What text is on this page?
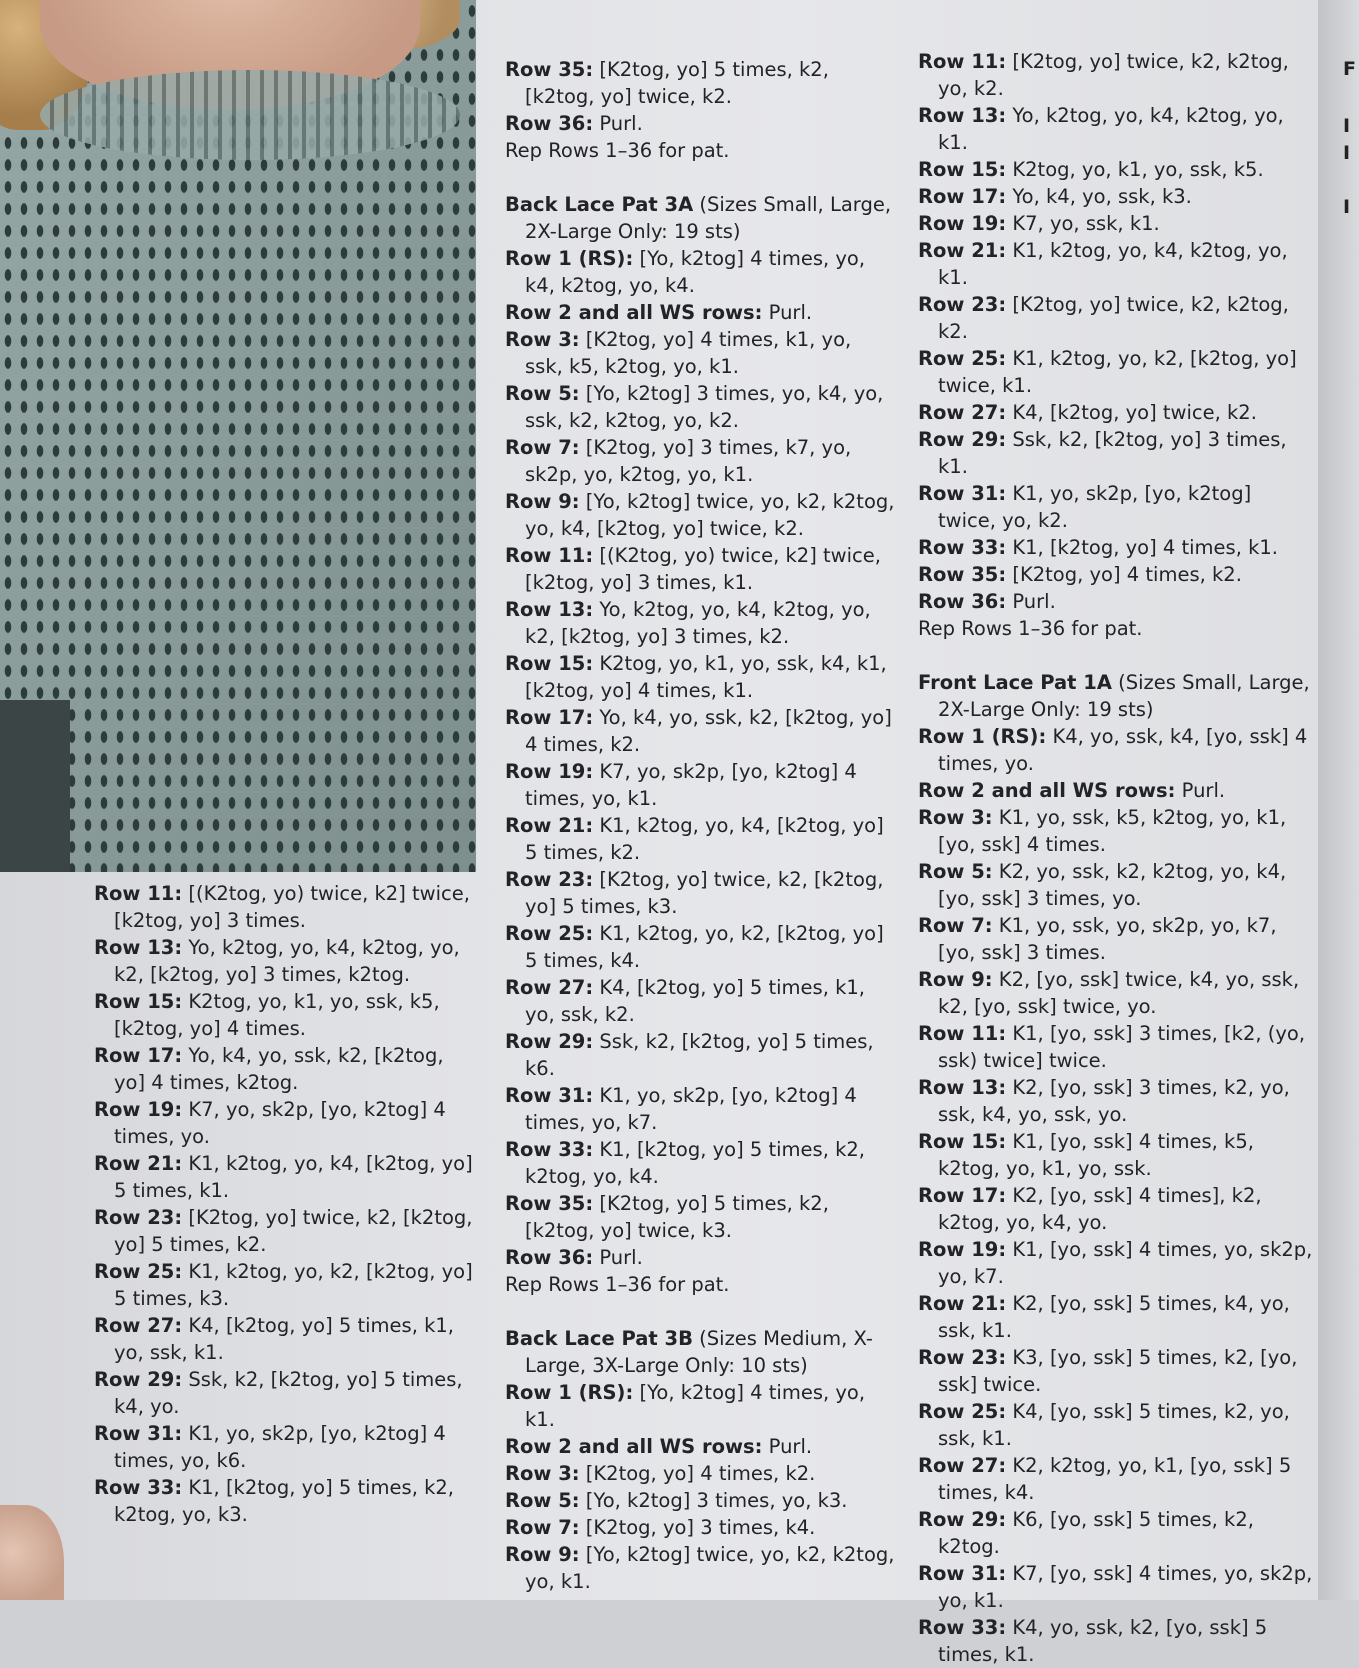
Row 11: [(K2tog, yo) twice, k2] twice, [k2tog, yo] 3 times.

Row 13: Yo, k2tog, yo, k4, k2tog, yo, k2, [k2tog, yo] 3 times, k2tog.

Row 15: K2tog, yo, k1, yo, ssk, k5, [k2tog, yo] 4 times.

Row 17: Yo, k4, yo, ssk, k2, [k2tog, yo] 4 times, k2tog.

Row 19: K7, yo, sk2p, [yo, k2tog] 4 times, yo.

Row 21: K1, k2tog, yo, k4, [k2tog, yo] 5 times, k1.

Row 23: [K2tog, yo] twice, k2, [k2tog, yo] 5 times, k2.

Row 25: K1, k2tog, yo, k2, [k2tog, yo] 5 times, k3.

Row 27: K4, [k2tog, yo] 5 times, k1, yo, ssk, k1.

Row 29: Ssk, k2, [k2tog, yo] 5 times, k4, yo.

Row 31: K1, yo, sk2p, [yo, k2tog] 4 times, yo, k6.

Row 33: K1, [k2tog, yo] 5 times, k2, k2tog, yo, k3.

Row 35: [K2tog, yo] 5 times, k2, [k2tog, yo] twice, k2.

Row 36: Purl.

Rep Rows 1–36 for pat.

Back Lace Pat 3A (Sizes Small, Large, 2X-Large Only: 19 sts)

Row 1 (RS): [Yo, k2tog] 4 times, yo, k4, k2tog, yo, k4.

Row 2 and all WS rows: Purl.

Row 3: [K2tog, yo] 4 times, k1, yo, ssk, k5, k2tog, yo, k1.

Row 5: [Yo, k2tog] 3 times, yo, k4, yo, ssk, k2, k2tog, yo, k2.

Row 7: [K2tog, yo] 3 times, k7, yo, sk2p, yo, k2tog, yo, k1.

Row 9: [Yo, k2tog] twice, yo, k2, k2tog, yo, k4, [k2tog, yo] twice, k2.

Row 11: [(K2tog, yo) twice, k2] twice, [k2tog, yo] 3 times, k1.

Row 13: Yo, k2tog, yo, k4, k2tog, yo, k2, [k2tog, yo] 3 times, k2.

Row 15: K2tog, yo, k1, yo, ssk, k4, k1, [k2tog, yo] 4 times, k1.

Row 17: Yo, k4, yo, ssk, k2, [k2tog, yo] 4 times, k2.

Row 19: K7, yo, sk2p, [yo, k2tog] 4 times, yo, k1.

Row 21: K1, k2tog, yo, k4, [k2tog, yo] 5 times, k2.

Row 23: [K2tog, yo] twice, k2, [k2tog, yo] 5 times, k3.

Row 25: K1, k2tog, yo, k2, [k2tog, yo] 5 times, k4.

Row 27: K4, [k2tog, yo] 5 times, k1, yo, ssk, k2.

Row 29: Ssk, k2, [k2tog, yo] 5 times, k6.

Row 31: K1, yo, sk2p, [yo, k2tog] 4 times, yo, k7.

Row 33: K1, [k2tog, yo] 5 times, k2, k2tog, yo, k4.

Row 35: [K2tog, yo] 5 times, k2, [k2tog, yo] twice, k3.

Row 36: Purl.

Rep Rows 1–36 for pat.

Back Lace Pat 3B (Sizes Medium, X-Large, 3X-Large Only: 10 sts)

Row 1 (RS): [Yo, k2tog] 4 times, yo, k1.

Row 2 and all WS rows: Purl.

Row 3: [K2tog, yo] 4 times, k2.

Row 5: [Yo, k2tog] 3 times, yo, k3.

Row 7: [K2tog, yo] 3 times, k4.

Row 9: [Yo, k2tog] twice, yo, k2, k2tog, yo, k1.

Row 11: [K2tog, yo] twice, k2, k2tog, yo, k2.

Row 13: Yo, k2tog, yo, k4, k2tog, yo, k1.

Row 15: K2tog, yo, k1, yo, ssk, k5.

Row 17: Yo, k4, yo, ssk, k3.

Row 19: K7, yo, ssk, k1.

Row 21: K1, k2tog, yo, k4, k2tog, yo, k1.

Row 23: [K2tog, yo] twice, k2, k2tog, k2.

Row 25: K1, k2tog, yo, k2, [k2tog, yo] twice, k1.

Row 27: K4, [k2tog, yo] twice, k2.

Row 29: Ssk, k2, [k2tog, yo] 3 times, k1.

Row 31: K1, yo, sk2p, [yo, k2tog] twice, yo, k2.

Row 33: K1, [k2tog, yo] 4 times, k1.

Row 35: [K2tog, yo] 4 times, k2.

Row 36: Purl.

Rep Rows 1–36 for pat.

Front Lace Pat 1A (Sizes Small, Large, 2X-Large Only: 19 sts)

Row 1 (RS): K4, yo, ssk, k4, [yo, ssk] 4 times, yo.

Row 2 and all WS rows: Purl.

Row 3: K1, yo, ssk, k5, k2tog, yo, k1, [yo, ssk] 4 times.

Row 5: K2, yo, ssk, k2, k2tog, yo, k4, [yo, ssk] 3 times, yo.

Row 7: K1, yo, ssk, yo, sk2p, yo, k7, [yo, ssk] 3 times.

Row 9: K2, [yo, ssk] twice, k4, yo, ssk, k2, [yo, ssk] twice, yo.

Row 11: K1, [yo, ssk] 3 times, [k2, (yo, ssk) twice] twice.

Row 13: K2, [yo, ssk] 3 times, k2, yo, ssk, k4, yo, ssk, yo.

Row 15: K1, [yo, ssk] 4 times, k5, k2tog, yo, k1, yo, ssk.

Row 17: K2, [yo, ssk] 4 times], k2, k2tog, yo, k4, yo.

Row 19: K1, [yo, ssk] 4 times, yo, sk2p, yo, k7.

Row 21: K2, [yo, ssk] 5 times, k4, yo, ssk, k1.

Row 23: K3, [yo, ssk] 5 times, k2, [yo, ssk] twice.

Row 25: K4, [yo, ssk] 5 times, k2, yo, ssk, k1.

Row 27: K2, k2tog, yo, k1, [yo, ssk] 5 times, k4.

Row 29: K6, [yo, ssk] 5 times, k2, k2tog.

Row 31: K7, [yo, ssk] 4 times, yo, sk2p, yo, k1.

Row 33: K4, yo, ssk, k2, [yo, ssk] 5 times, k1.

F
I
I
I
